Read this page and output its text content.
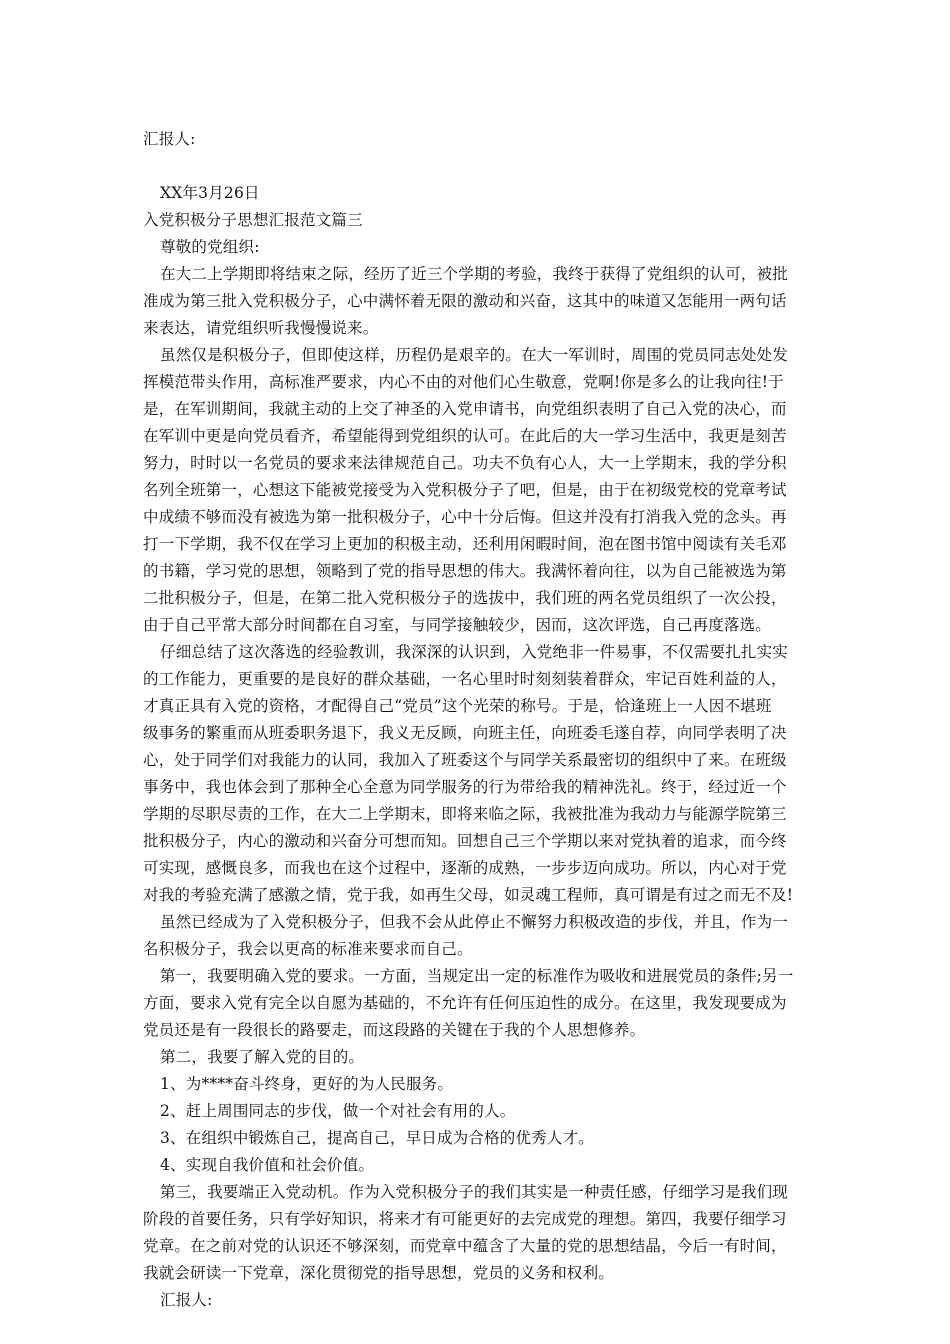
汇报人:
XX年3月26日
入党积极分子思想汇报范文篇三
尊敬的党组织:
在大二上学期即将结束之际，经历了近三个学期的考验，我终于获得了党组织的认可，被批
准成为第三批入党积极分子，心中满怀着无限的激动和兴奋，这其中的味道又怎能用一两句话
来表达，请党组织听我慢慢说来。
虽然仅是积极分子，但即使这样，历程仍是艰辛的。在大一军训时，周围的党员同志处处发
挥模范带头作用，高标准严要求，内心不由的对他们心生敬意，党啊!你是多么的让我向往!于
是，在军训期间，我就主动的上交了神圣的入党申请书，向党组织表明了自己入党的决心，而
在军训中更是向党员看齐，希望能得到党组织的认可。在此后的大一学习生活中，我更是刻苦
努力，时时以一名党员的要求来法律规范自己。功夫不负有心人，大一上学期末，我的学分积
名列全班第一，心想这下能被党接受为入党积极分子了吧，但是，由于在初级党校的党章考试
中成绩不够而没有被选为第一批积极分子，心中十分后悔。但这并没有打消我入党的念头。再
打一下学期，我不仅在学习上更加的积极主动，还利用闲暇时间，泡在图书馆中阅读有关毛邓
的书籍，学习党的思想，领略到了党的指导思想的伟大。我满怀着向往，以为自己能被选为第
二批积极分子，但是，在第二批入党积极分子的选拔中，我们班的两名党员组织了一次公投，
由于自己平常大部分时间都在自习室，与同学接触较少，因而，这次评选，自己再度落选。
仔细总结了这次落选的经验教训，我深深的认识到，入党绝非一件易事，不仅需要扎扎实实
的工作能力，更重要的是良好的群众基础，一名心里时时刻刻装着群众，牢记百姓利益的人，
才真正具有入党的资格，才配得自己“党员”这个光荣的称号。于是，恰逢班上一人因不堪班
级事务的繁重而从班委职务退下，我义无反顾，向班主任，向班委毛遂自荐，向同学表明了决
心，处于同学们对我能力的认同，我加入了班委这个与同学关系最密切的组织中了来。在班级
事务中，我也体会到了那种全心全意为同学服务的行为带给我的精神洗礼。终于，经过近一个
学期的尽职尽责的工作，在大二上学期末，即将来临之际，我被批准为我动力与能源学院第三
批积极分子，内心的激动和兴奋分可想而知。回想自己三个学期以来对党执着的追求，而今终
可实现，感慨良多，而我也在这个过程中，逐渐的成熟，一步步迈向成功。所以，内心对于党
对我的考验充满了感激之情，党于我，如再生父母，如灵魂工程师，真可谓是有过之而无不及!
虽然已经成为了入党积极分子，但我不会从此停止不懈努力积极改造的步伐，并且，作为一
名积极分子，我会以更高的标准来要求而自己。
第一，我要明确入党的要求。一方面，当规定出一定的标准作为吸收和进展党员的条件;另一
方面，要求入党有完全以自愿为基础的，不允许有任何压迫性的成分。在这里，我发现要成为
党员还是有一段很长的路要走，而这段路的关键在于我的个人思想修养。
第二，我要了解入党的目的。
1、为****奋斗终身，更好的为人民服务。
2、赶上周围同志的步伐，做一个对社会有用的人。
3、在组织中锻炼自己，提高自己，早日成为合格的优秀人才。
4、实现自我价值和社会价值。
第三，我要端正入党动机。作为入党积极分子的我们其实是一种责任感，仔细学习是我们现
阶段的首要任务，只有学好知识，将来才有可能更好的去完成党的理想。第四，我要仔细学习
党章。在之前对党的认识还不够深刻，而党章中蕴含了大量的党的思想结晶，今后一有时间，
我就会研读一下党章，深化贯彻党的指导思想，党员的义务和权利。
汇报人:
